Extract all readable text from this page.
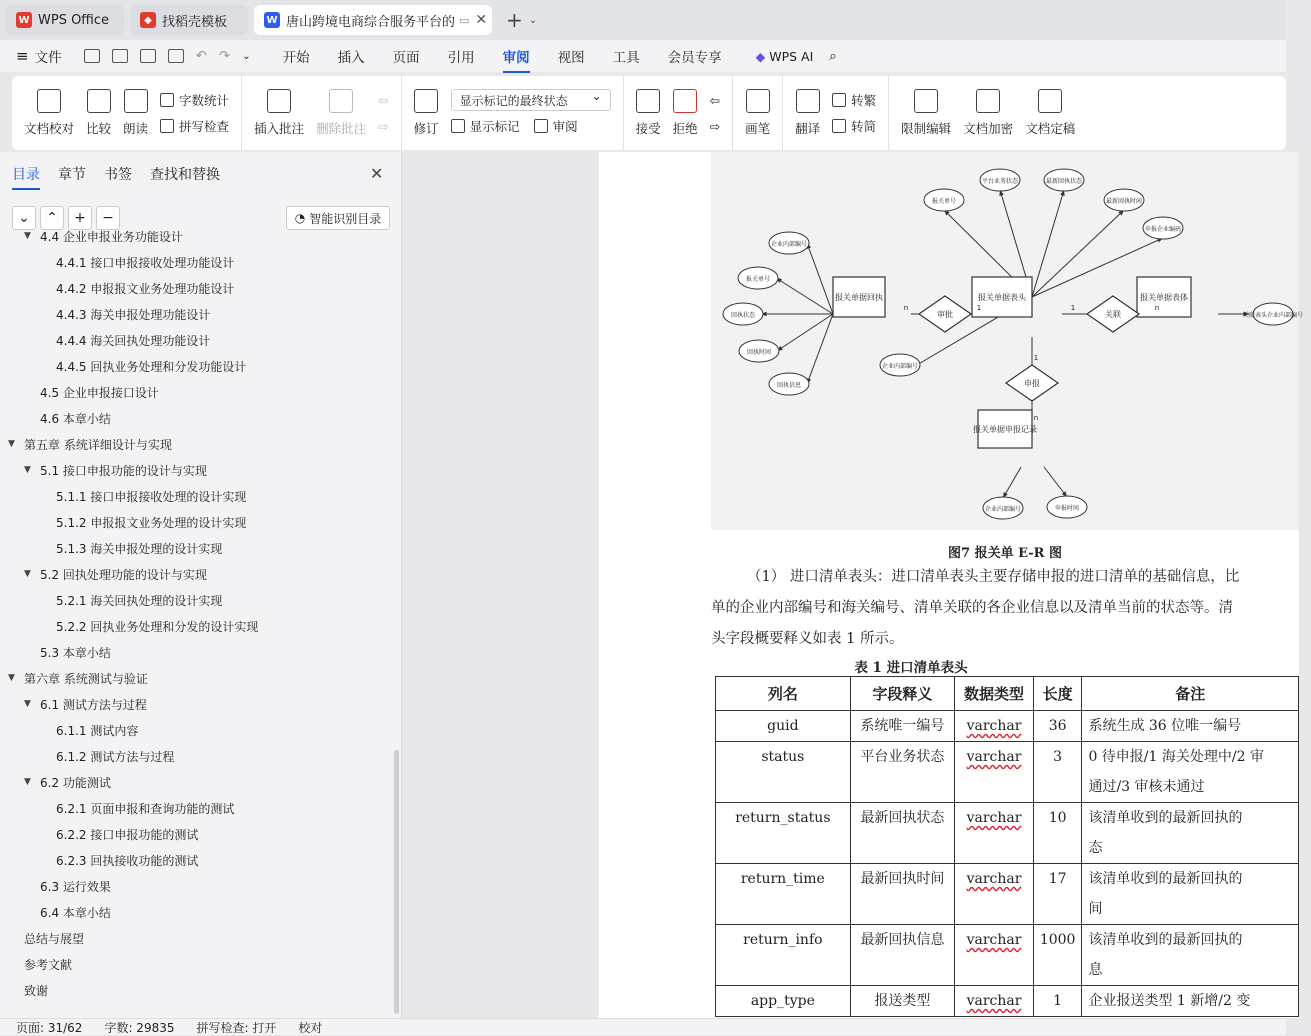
W WPS Office	◆ 找稻壳模板	W 唐山跨境电商综合服务平台的 ▭ ✕ + ⌄
≡ 文件	↶ ↷ ⌄ 开始 插入 页面 引用 审阅 视图 工具 会员专享	◆ WPS AI ⌕
文档校对 比较 朗读
字数统计
拼写检查 插入批注 删除批注
⇦
⇨ 修订
显示标记的最终状态 ⌄
显示标记	审阅	接受 拒绝
⇦
⇨ 画笔 翻译
转繁
转简 限制编辑 文档加密 文档定稿
目录 章节 书签 查找和替换	✕
⌄	⌃	+	−	◔ 智能识别目录
▼ 4.4 企业申报业务功能设计
4.4.1 接口申报接收处理功能设计
4.4.2 申报报文业务处理功能设计
4.4.3 海关申报处理功能设计
4.4.4 海关回执处理功能设计
4.4.5 回执业务处理和分发功能设计
4.5 企业申报接口设计
4.6 本章小结
▼ 第五章 系统详细设计与实现
▼ 5.1 接口申报功能的设计与实现
5.1.1 接口申报接收处理的设计实现
5.1.2 申报报文业务处理的设计实现
5.1.3 海关申报处理的设计实现
▼ 5.2 回执处理功能的设计与实现
5.2.1 海关回执处理的设计实现
5.2.2 回执业务处理和分发的设计实现
5.3 本章小结
▼ 第六章 系统测试与验证
▼ 6.1 测试方法与过程
6.1.1 测试内容
6.1.2 测试方法与过程
▼ 6.2 功能测试
6.2.1 页面申报和查询功能的测试
6.2.2 接口申报功能的测试
6.2.3 回执接收功能的测试
6.3 运行效果
6.4 本章小结
总结与展望
参考文献
致谢
报关单据回执	报关单据表头	报关单据表体
报关单据申报记录
审批	关联
申报
企业内部编号
报关单号
平台业务状态	最新回执状态
最新回执时间
申报企业编码
企业内部编号
报关单号
回执状态
回执时间
回执信息
关联表头企业内部编号
企业内部编号	申报时间
n	1	1	n
1
n
图7 报关单 E-R 图
（1） 进口清单表头：进口清单表头主要存储申报的进口清单的基础信息，比
单的企业内部编号和海关编号、清单关联的各企业信息以及清单当前的状态等。清
头字段概要释义如表 1 所示。
表 1 进口清单表头
列名	字段释义	数据类型	长度	备注
guid	系统唯一编号	varchar	36	系统生成 36 位唯一编号

status	平台业务状态	varchar	3	0 待申报/1 海关处理中/2 审
通过/3 审核未通过

return_status	最新回执状态	varchar	10	该清单收到的最新回执的
态

return_time	最新回执时间	varchar	17	该清单收到的最新回执的
间

return_info	最新回执信息	varchar	1000	该清单收到的最新回执的
息

app_type	报送类型	varchar	1	企业报送类型 1 新增/2 变
页面: 31/62 字数: 29835 拼写检查: 打开 校对
